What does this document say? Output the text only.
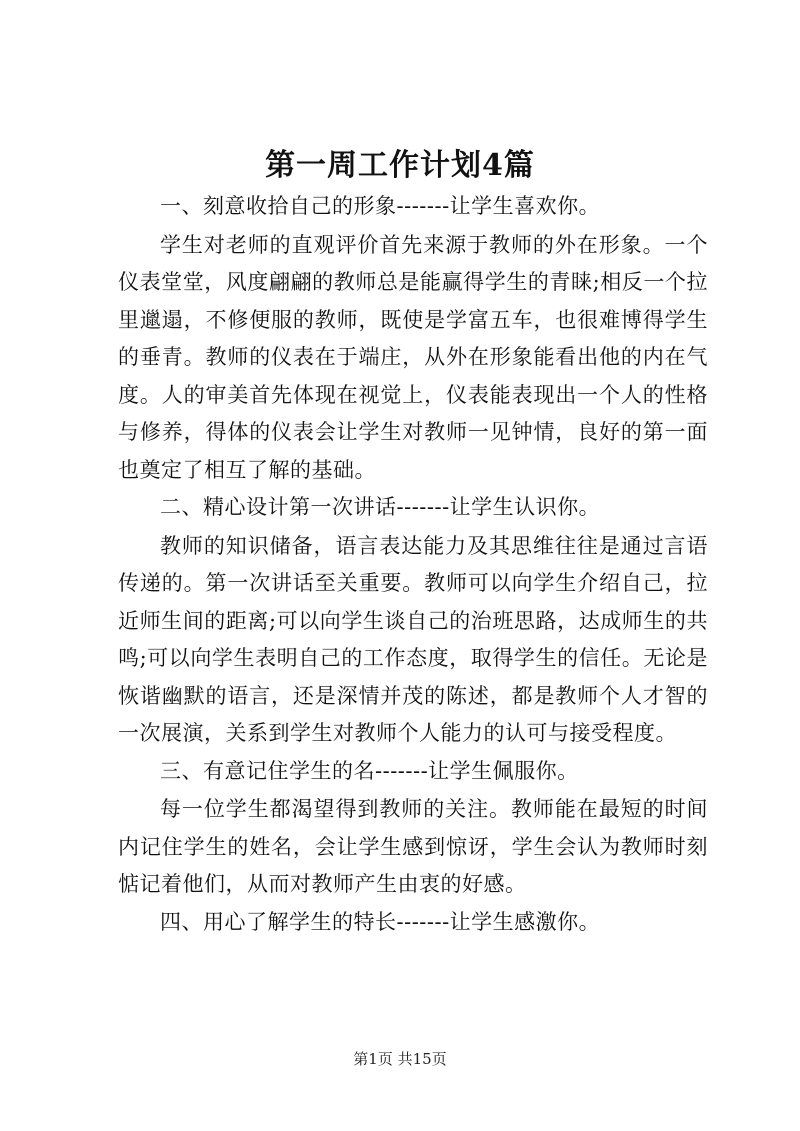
第一周工作计划4篇

一、刻意收拾自己的形象-------让学生喜欢你。

学生对老师的直观评价首先来源于教师的外在形象。一个仪表堂堂，风度翩翩的教师总是能赢得学生的青睐;相反一个拉里邋遢，不修便服的教师，既使是学富五车，也很难博得学生的垂青。教师的仪表在于端庄，从外在形象能看出他的内在气度。人的审美首先体现在视觉上，仪表能表现出一个人的性格与修养，得体的仪表会让学生对教师一见钟情，良好的第一面也奠定了相互了解的基础。

二、精心设计第一次讲话-------让学生认识你。

教师的知识储备，语言表达能力及其思维往往是通过言语传递的。第一次讲话至关重要。教师可以向学生介绍自己，拉近师生间的距离;可以向学生谈自己的治班思路，达成师生的共鸣;可以向学生表明自己的工作态度，取得学生的信任。无论是恢谐幽默的语言，还是深情并茂的陈述，都是教师个人才智的一次展演，关系到学生对教师个人能力的认可与接受程度。

三、有意记住学生的名-------让学生佩服你。

每一位学生都渴望得到教师的关注。教师能在最短的时间内记住学生的姓名，会让学生感到惊讶，学生会认为教师时刻惦记着他们，从而对教师产生由衷的好感。

四、用心了解学生的特长-------让学生感激你。

第1页 共15页
